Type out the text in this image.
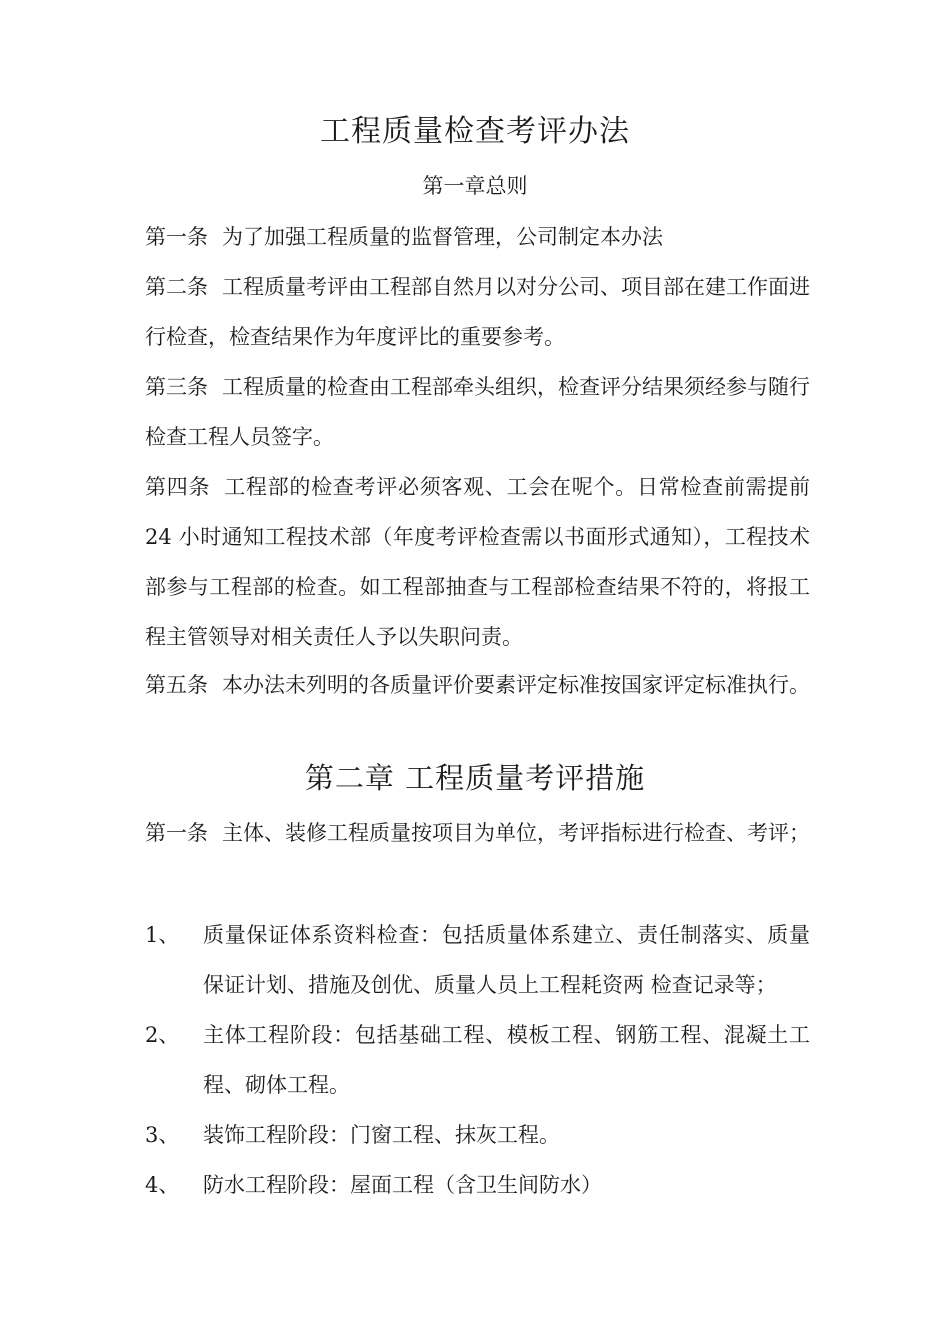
工程质量检查考评办法
第一章总则

第一条 为了加强工程质量的监督管理，公司制定本办法

第二条 工程质量考评由工程部自然月以对分公司、项目部在建工作面进行检查，检查结果作为年度评比的重要参考。

第三条 工程质量的检查由工程部牵头组织，检查评分结果须经参与随行检查工程人员签字。

第四条 工程部的检查考评必须客观、工会在呢个。日常检查前需提前 24 小时通知工程技术部（年度考评检查需以书面形式通知），工程技术部参与工程部的检查。如工程部抽查与工程部检查结果不符的，将报工程主管领导对相关责任人予以失职问责。

第五条 本办法未列明的各质量评价要素评定标准按国家评定标准执行。

第二章 工程质量考评措施

第一条 主体、装修工程质量按项目为单位，考评指标进行检查、考评；

1、	质量保证体系资料检查：包括质量体系建立、责任制落实、质量保证计划、措施及创优、质量人员上工程耗资两 检查记录等；
2、	主体工程阶段：包括基础工程、模板工程、钢筋工程、混凝土工程、砌体工程。
3、	装饰工程阶段：门窗工程、抹灰工程。
4、	防水工程阶段：屋面工程（含卫生间防水）
